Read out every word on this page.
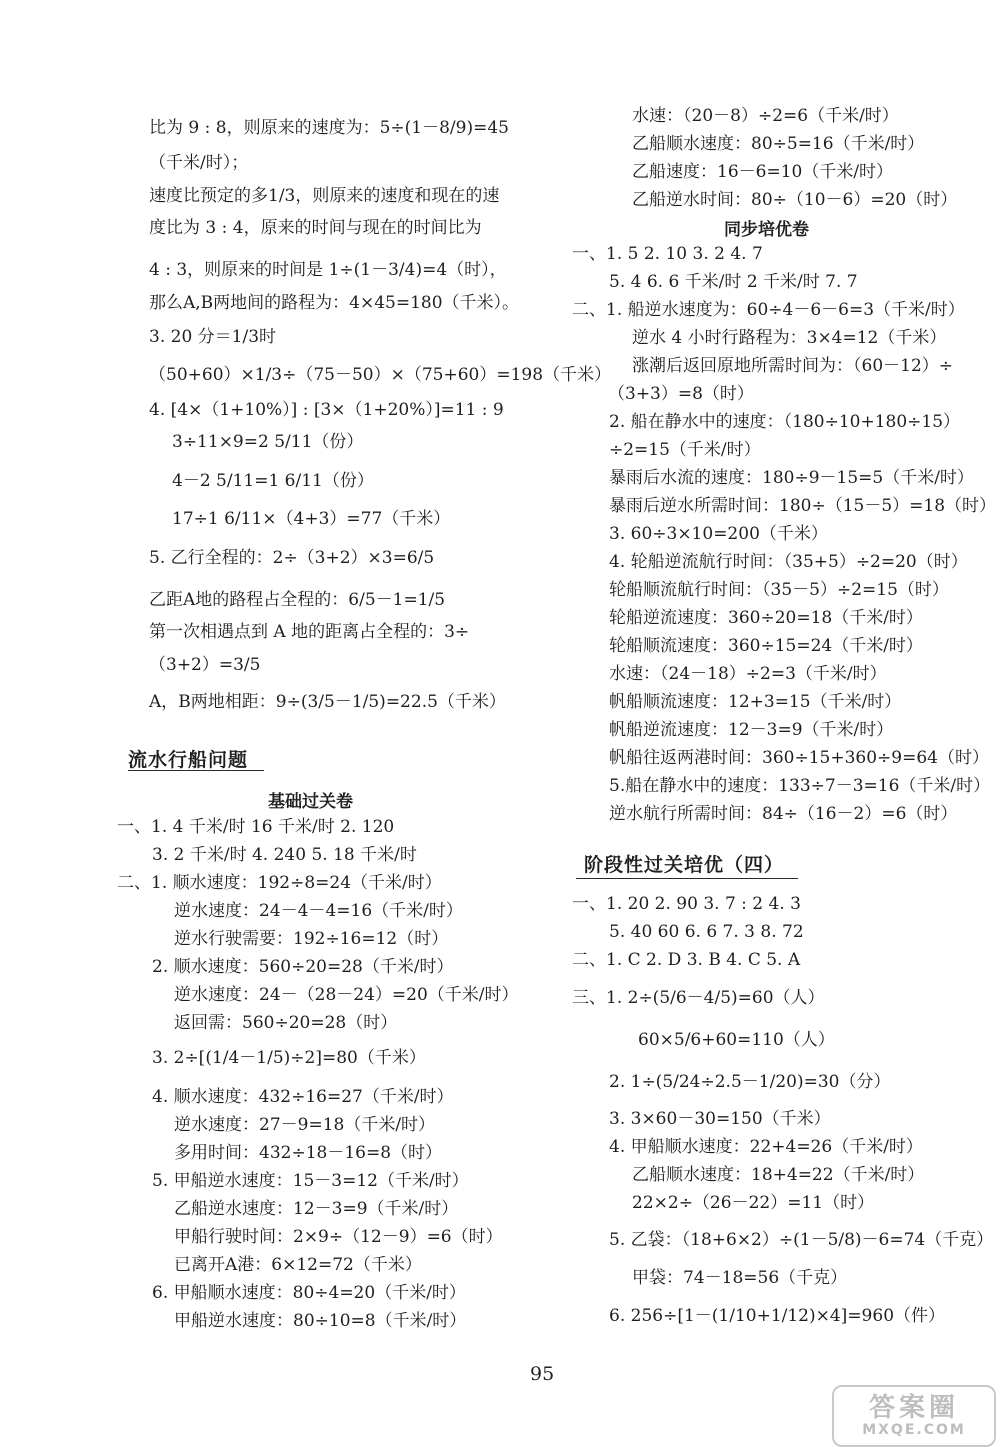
比为 9 : 8，则原来的速度为：5÷(1－8/9)=45
（千米/时）；
速度比预定的多1/3，则原来的速度和现在的速
度比为 3 : 4，原来的时间与现在的时间比为
4 : 3，则原来的时间是 1÷(1－3/4)=4（时），
那么A,B两地间的路程为：4×45=180（千米）。
3. 20 分＝1/3时
（50+60）×1/3÷（75－50）×（75+60）=198（千米）
4. [4×（1+10%）] : [3×（1+20%）]=11 : 9
3÷11×9=2 5/11（份）
4－2 5/11=1 6/11（份）
17÷1 6/11×（4+3）=77（千米）
5. 乙行全程的：2÷（3+2）×3=6/5
乙距A地的路程占全程的：6/5－1=1/5
第一次相遇点到 A 地的距离占全程的：3÷
（3+2）=3/5
A，B两地相距：9÷(3/5－1/5)=22.5（千米）
流水行船问题
基础过关卷
一、1. 4 千米/时 16 千米/时 2. 120
3. 2 千米/时 4. 240 5. 18 千米/时
二、1. 顺水速度：192÷8=24（千米/时）
逆水速度：24－4－4=16（千米/时）
逆水行驶需要：192÷16=12（时）
2. 顺水速度：560÷20=28（千米/时）
逆水速度：24－（28－24）=20（千米/时）
返回需：560÷20=28（时）
3. 2÷[(1/4－1/5)÷2]=80（千米）
4. 顺水速度：432÷16=27（千米/时）
逆水速度：27－9=18（千米/时）
多用时间：432÷18－16=8（时）
5. 甲船逆水速度：15－3=12（千米/时）
乙船逆水速度：12－3=9（千米/时）
甲船行驶时间：2×9÷（12－9）=6（时）
已离开A港：6×12=72（千米）
6. 甲船顺水速度：80÷4=20（千米/时）
甲船逆水速度：80÷10=8（千米/时）
水速：（20－8）÷2=6（千米/时）
乙船顺水速度：80÷5=16（千米/时）
乙船速度：16－6=10（千米/时）
乙船逆水时间：80÷（10－6）=20（时）
同步培优卷
一、1. 5 2. 10 3. 2 4. 7
5. 4 6. 6 千米/时 2 千米/时 7. 7
二、1. 船逆水速度为：60÷4－6－6=3（千米/时）
逆水 4 小时行路程为：3×4=12（千米）
涨潮后返回原地所需时间为：（60－12）÷
（3+3）=8（时）
2. 船在静水中的速度：（180÷10+180÷15）
÷2=15（千米/时）
暴雨后水流的速度：180÷9－15=5（千米/时）
暴雨后逆水所需时间：180÷（15－5）=18（时）
3. 60÷3×10=200（千米）
4. 轮船逆流航行时间：（35+5）÷2=20（时）
轮船顺流航行时间：（35－5）÷2=15（时）
轮船逆流速度：360÷20=18（千米/时）
轮船顺流速度：360÷15=24（千米/时）
水速：（24－18）÷2=3（千米/时）
帆船顺流速度：12+3=15（千米/时）
帆船逆流速度：12－3=9（千米/时）
帆船往返两港时间：360÷15+360÷9=64（时）
5.船在静水中的速度：133÷7－3=16（千米/时）
逆水航行所需时间：84÷（16－2）=6（时）
阶段性过关培优（四）
一、1. 20 2. 90 3. 7 : 2 4. 3
5. 40 60 6. 6 7. 3 8. 72
二、1. C 2. D 3. B 4. C 5. A
三、1. 2÷(5/6－4/5)=60（人）
60×5/6+60=110（人）
2. 1÷(5/24÷2.5－1/20)=30（分）
3. 3×60－30=150（千米）
4. 甲船顺水速度：22+4=26（千米/时）
乙船顺水速度：18+4=22（千米/时）
22×2÷（26－22）=11（时）
5. 乙袋：（18+6×2）÷(1－5/8)－6=74（千克）
甲袋：74－18=56（千克）
6. 256÷[1－(1/10+1/12)×4]=960（件）
95
答案圈
MXQE.COM
